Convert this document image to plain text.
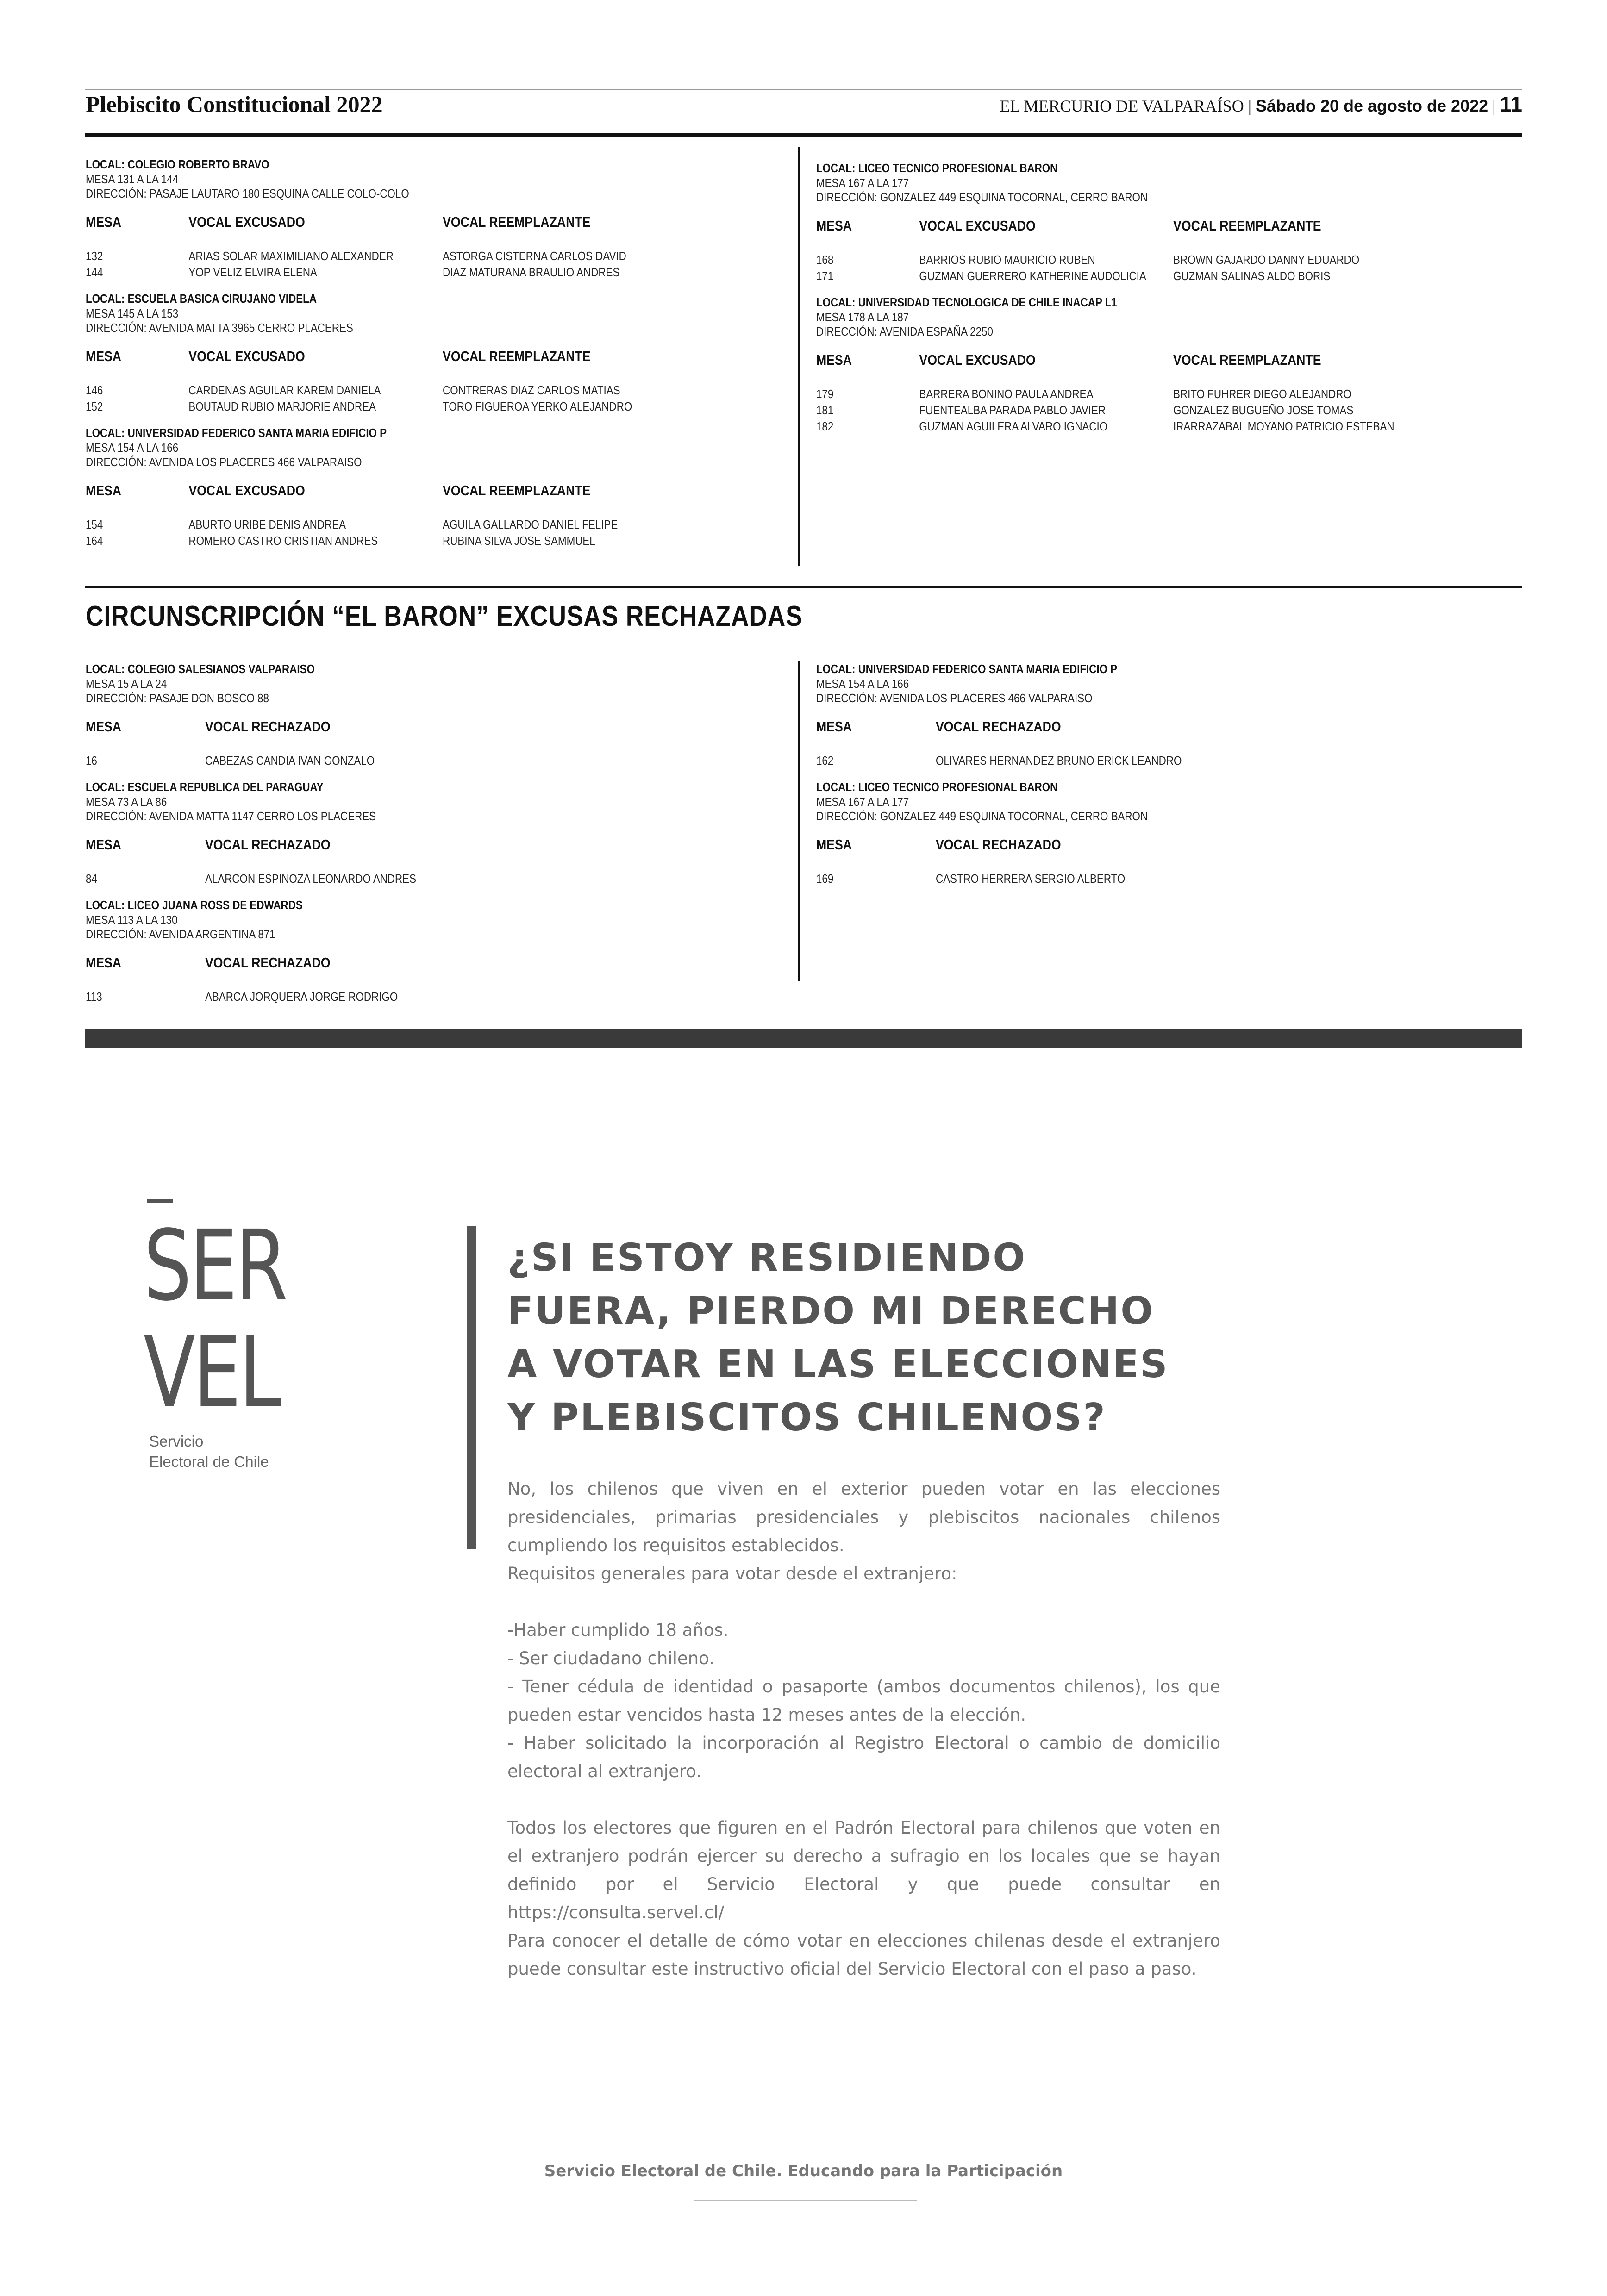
Plebiscito Constitucional 2022	EL MERCURIO DE VALPARAÍSO | Sábado 20 de agosto de 2022 | 11
LOCAL: COLEGIO ROBERTO BRAVO
MESA 131 A LA 144
DIRECCIÓN: PASAJE LAUTARO 180 ESQUINA CALLE COLO-COLO
MESA	VOCAL EXCUSADO	VOCAL REEMPLAZANTE
132	ARIAS SOLAR MAXIMILIANO ALEXANDER	ASTORGA CISTERNA CARLOS DAVID
144	YOP VELIZ ELVIRA ELENA	DIAZ MATURANA BRAULIO ANDRES
LOCAL: ESCUELA BASICA CIRUJANO VIDELA
MESA 145 A LA 153
DIRECCIÓN: AVENIDA MATTA 3965 CERRO PLACERES
MESA	VOCAL EXCUSADO	VOCAL REEMPLAZANTE
146	CARDENAS AGUILAR KAREM DANIELA	CONTRERAS DIAZ CARLOS MATIAS
152	BOUTAUD RUBIO MARJORIE ANDREA	TORO FIGUEROA YERKO ALEJANDRO
LOCAL: UNIVERSIDAD FEDERICO SANTA MARIA EDIFICIO P
MESA 154 A LA 166
DIRECCIÓN: AVENIDA LOS PLACERES 466 VALPARAISO
MESA	VOCAL EXCUSADO	VOCAL REEMPLAZANTE
154	ABURTO URIBE DENIS ANDREA	AGUILA GALLARDO DANIEL FELIPE
164	ROMERO CASTRO CRISTIAN ANDRES	RUBINA SILVA JOSE SAMMUEL
LOCAL: LICEO TECNICO PROFESIONAL BARON
MESA 167 A LA 177
DIRECCIÓN: GONZALEZ 449 ESQUINA TOCORNAL, CERRO BARON
MESA	VOCAL EXCUSADO	VOCAL REEMPLAZANTE
168	BARRIOS RUBIO MAURICIO RUBEN	BROWN GAJARDO DANNY EDUARDO
171	GUZMAN GUERRERO KATHERINE AUDOLICIA	GUZMAN SALINAS ALDO BORIS
LOCAL: UNIVERSIDAD TECNOLOGICA DE CHILE INACAP L1
MESA 178 A LA 187
DIRECCIÓN: AVENIDA ESPAÑA 2250
MESA	VOCAL EXCUSADO	VOCAL REEMPLAZANTE
179	BARRERA BONINO PAULA ANDREA	BRITO FUHRER DIEGO ALEJANDRO
181	FUENTEALBA PARADA PABLO JAVIER	GONZALEZ BUGUEÑO JOSE TOMAS
182	GUZMAN AGUILERA ALVARO IGNACIO	IRARRAZABAL MOYANO PATRICIO ESTEBAN
CIRCUNSCRIPCIÓN “EL BARON” EXCUSAS RECHAZADAS
LOCAL: COLEGIO SALESIANOS VALPARAISO
MESA 15 A LA 24
DIRECCIÓN: PASAJE DON BOSCO 88
MESA	VOCAL RECHAZADO
16	CABEZAS CANDIA IVAN GONZALO
LOCAL: ESCUELA REPUBLICA DEL PARAGUAY
MESA 73 A LA 86
DIRECCIÓN: AVENIDA MATTA 1147 CERRO LOS PLACERES
MESA	VOCAL RECHAZADO
84	ALARCON ESPINOZA LEONARDO ANDRES
LOCAL: LICEO JUANA ROSS DE EDWARDS
MESA 113 A LA 130
DIRECCIÓN: AVENIDA ARGENTINA 871
MESA	VOCAL RECHAZADO
113	ABARCA JORQUERA JORGE RODRIGO
LOCAL: UNIVERSIDAD FEDERICO SANTA MARIA EDIFICIO P
MESA 154 A LA 166
DIRECCIÓN: AVENIDA LOS PLACERES 466 VALPARAISO
MESA	VOCAL RECHAZADO
162	OLIVARES HERNANDEZ BRUNO ERICK LEANDRO
LOCAL: LICEO TECNICO PROFESIONAL BARON
MESA 167 A LA 177
DIRECCIÓN: GONZALEZ 449 ESQUINA TOCORNAL, CERRO BARON
MESA	VOCAL RECHAZADO
169	CASTRO HERRERA SERGIO ALBERTO
SER
VEL
Servicio
Electoral de Chile
¿SI ESTOY RESIDIENDO
FUERA, PIERDO MI DERECHO
A VOTAR EN LAS ELECCIONES
Y PLEBISCITOS CHILENOS?

No, los chilenos que viven en el exterior pueden votar en las elecciones presidenciales, primarias presidenciales y plebiscitos nacionales chilenos cumpliendo los requisitos establecidos.

Requisitos generales para votar desde el extranjero:

-Haber cumplido 18 años.

- Ser ciudadano chileno.

- Tener cédula de identidad o pasaporte (ambos documentos chilenos), los que pueden estar vencidos hasta 12 meses antes de la elección.

- Haber solicitado la incorporación al Registro Electoral o cambio de domicilio electoral al extranjero.

Todos los electores que figuren en el Padrón Electoral para chilenos que voten en el extranjero podrán ejercer su derecho a sufragio en los locales que se hayan definido por el Servicio Electoral y que puede consultar en https://consulta.servel.cl/

Para conocer el detalle de cómo votar en elecciones chilenas desde el extranjero puede consultar este instructivo oficial del Servicio Electoral con el paso a paso.

Servicio Electoral de Chile. Educando para la Participación
